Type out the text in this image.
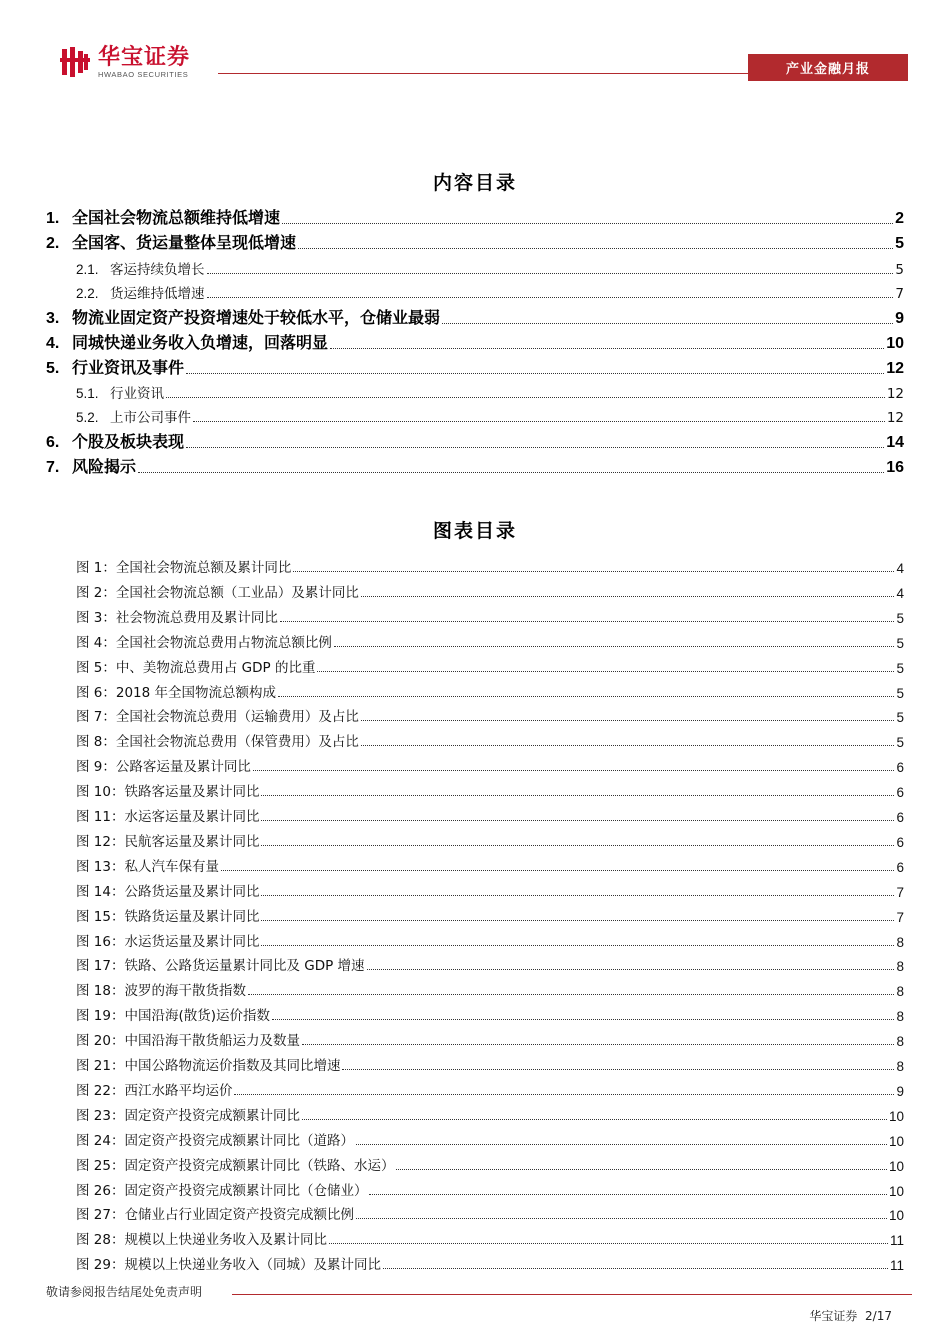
华宝证券
HWABAO SECURITIES	产业金融月报
内容目录
1. 全国社会物流总额维持低增速	2
2. 全国客、货运量整体呈现低增速	5
2.1. 客运持续负增长	5
2.2. 货运维持低增速	7
3. 物流业固定资产投资增速处于较低水平，仓储业最弱	9
4. 同城快递业务收入负增速，回落明显	10
5. 行业资讯及事件	12
5.1. 行业资讯	12
5.2. 上市公司事件	12
6. 个股及板块表现	14
7. 风险揭示	16
图表目录
图 1：全国社会物流总额及累计同比	4
图 2：全国社会物流总额（工业品）及累计同比	4
图 3：社会物流总费用及累计同比	5
图 4：全国社会物流总费用占物流总额比例	5
图 5：中、美物流总费用占 GDP 的比重	5
图 6：2018 年全国物流总额构成	5
图 7：全国社会物流总费用（运输费用）及占比	5
图 8：全国社会物流总费用（保管费用）及占比	5
图 9：公路客运量及累计同比	6
图 10：铁路客运量及累计同比	6
图 11：水运客运量及累计同比	6
图 12：民航客运量及累计同比	6
图 13：私人汽车保有量	6
图 14：公路货运量及累计同比	7
图 15：铁路货运量及累计同比	7
图 16：水运货运量及累计同比	8
图 17：铁路、公路货运量累计同比及 GDP 增速	8
图 18：波罗的海干散货指数	8
图 19：中国沿海(散货)运价指数	8
图 20：中国沿海干散货船运力及数量	8
图 21：中国公路物流运价指数及其同比增速	8
图 22：西江水路平均运价	9
图 23：固定资产投资完成额累计同比	10
图 24：固定资产投资完成额累计同比（道路）	10
图 25：固定资产投资完成额累计同比（铁路、水运）	10
图 26：固定资产投资完成额累计同比（仓储业）	10
图 27：仓储业占行业固定资产投资完成额比例	10
图 28：规模以上快递业务收入及累计同比	11
图 29：规模以上快递业务收入（同城）及累计同比	11
敬请参阅报告结尾处免责声明
华宝证券 2/17
